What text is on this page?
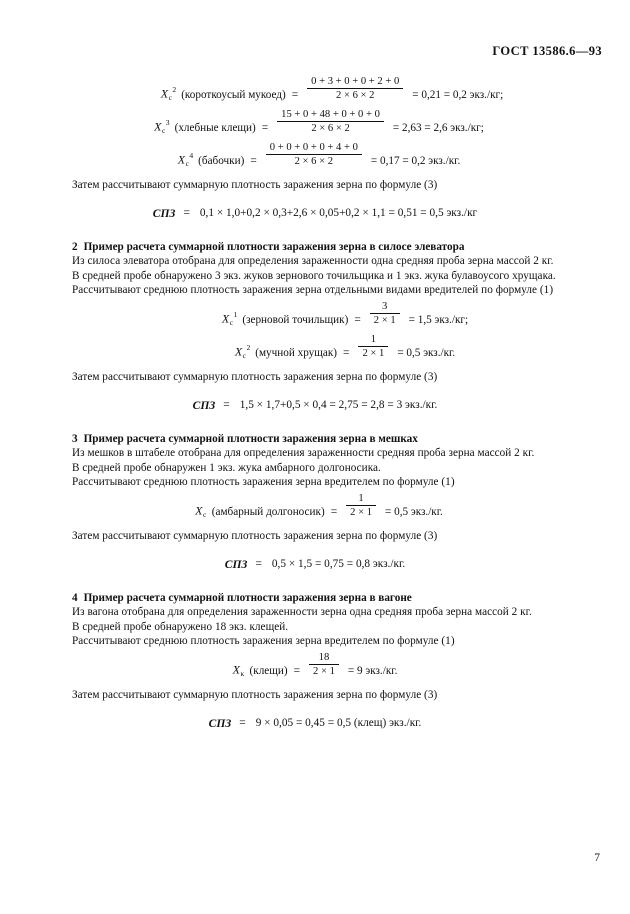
ГОСТ 13586.6—93
$Xс^2$ (короткоусый мукоед) = $\frac{0 + 3 + 0 + 0 + 2 + 0}{2 \times 6 \times 2} = 0,21 = 0,2$ экз./кг;
$Xс^3$ (хлебные клещи) = $\frac{15 + 0 + 48 + 0 + 0 + 0}{2 \times 6 \times 2} = 2,63 = 2,6$ экз./кг;
$Xс^4$ (бабочки) = $\frac{0 + 0 + 0 + 0 + 4 + 0}{2 \times 6 \times 2} = 0,17 = 0,2$ экз./кг.
Затем рассчитывают суммарную плотность заражения зерна по формуле (3)
СПЗ = 0,1 × 1,0+0,2 × 0,3+2,6 × 0,05+0,2 × 1,1 = 0,51 = 0,5 экз./кг
2 Пример расчета суммарной плотности заражения зерна в силосе элеватора
Из силоса элеватора отобрана для определения зараженности одна средняя проба зерна массой 2 кг.
В средней пробе обнаружено 3 экз. жуков зернового точильщика и 1 экз. жука булавоусого хрущака.
Рассчитывают среднюю плотность заражения зерна отдельными видами вредителей по формуле (1)
$Xс^1$ (зерновой точильщик) = $\frac{3}{2 \times 1} = 1,5$ экз./кг;
$Xс^2$ (мучной хрущак) = $\frac{1}{2 \times 1} = 0,5$ экз./кг.
Затем рассчитывают суммарную плотность заражения зерна по формуле (3)
СПЗ = 1,5 × 1,7+0,5 × 0,4 = 2,75 = 2,8 = 3 экз./кг.
3 Пример расчета суммарной плотности заражения зерна в мешках
Из мешков в штабеле отобрана для определения зараженности средняя проба зерна массой 2 кг.
В средней пробе обнаружен 1 экз. жука амбарного долгоносика.
Рассчитывают среднюю плотность заражения зерна вредителем по формуле (1)
Xс (амбарный долгоносик) = $\frac{1}{2 \times 1} = 0,5$ экз./кг.
Затем рассчитывают суммарную плотность заражения зерна по формуле (3)
СПЗ = 0,5 × 1,5 = 0,75 = 0,8 экз./кг.
4 Пример расчета суммарной плотности заражения зерна в вагоне
Из вагона отобрана для определения зараженности зерна одна средняя проба зерна массой 2 кг.
В средней пробе обнаружено 18 экз. клещей.
Рассчитывают среднюю плотность заражения зерна вредителем по формуле (1)
Xк (клещи) = $\frac{18}{2 \times 1} = 9$ экз./кг.
Затем рассчитывают суммарную плотность заражения зерна по формуле (3)
СПЗ = 9 × 0,05 = 0,45 = 0,5 (клещ) экз./кг.
7
